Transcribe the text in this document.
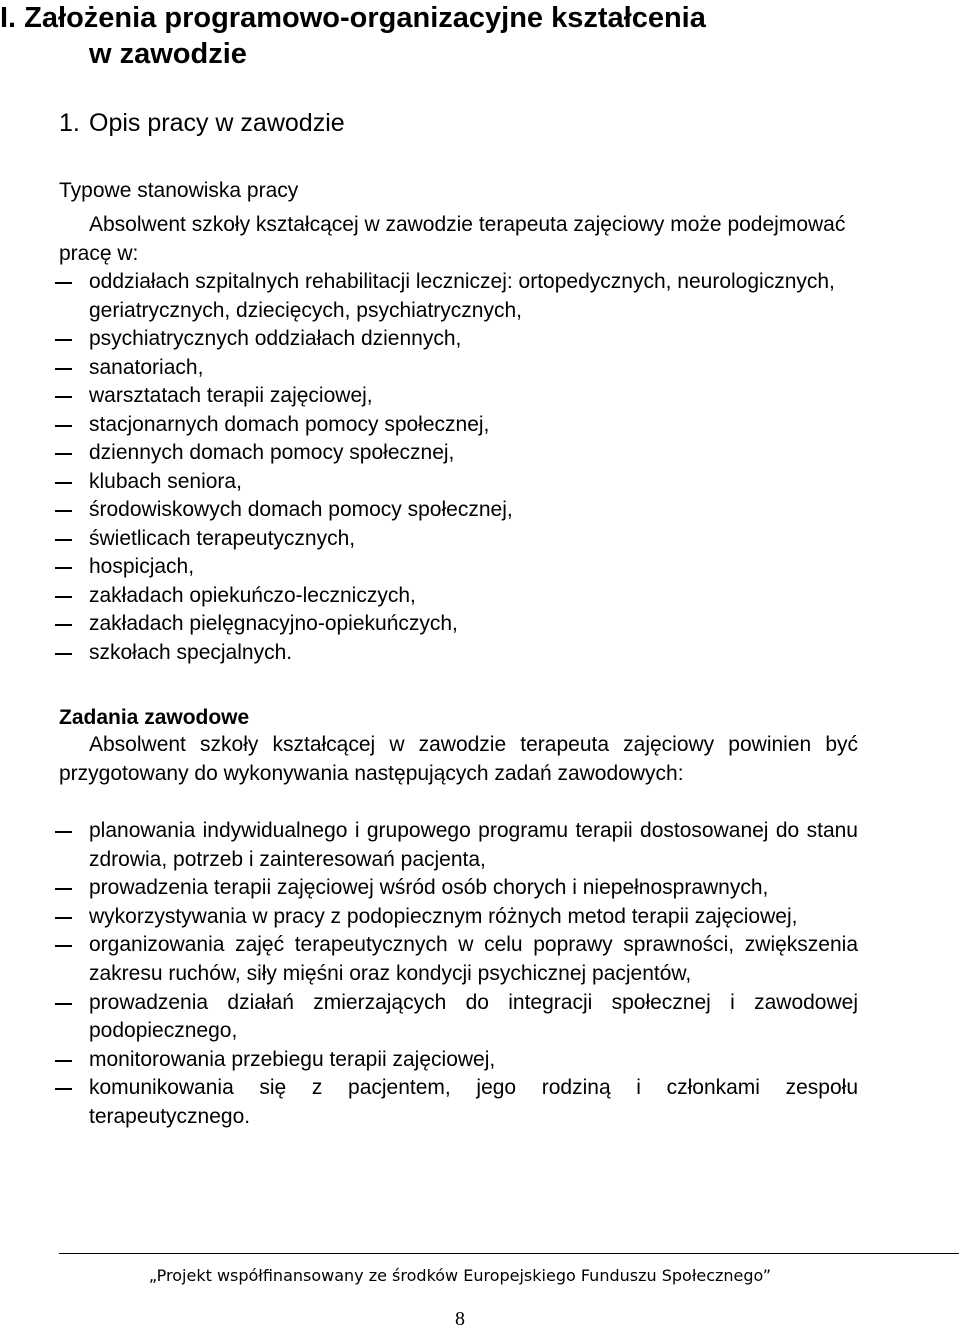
I. Założenia programowo-organizacyjne kształcenia
w zawodzie
1. Opis pracy w zawodzie
Typowe stanowiska pracy
Absolwent szkoły kształcącej w zawodzie terapeuta zajęciowy może podejmować pracę w:
oddziałach szpitalnych rehabilitacji leczniczej: ortopedycznych, neurologicznych, geriatrycznych, dziecięcych, psychiatrycznych,
psychiatrycznych oddziałach dziennych,
sanatoriach,
warsztatach terapii zajęciowej,
stacjonarnych domach pomocy społecznej,
dziennych domach pomocy społecznej,
klubach seniora,
środowiskowych domach pomocy społecznej,
świetlicach terapeutycznych,
hospicjach,
zakładach opiekuńczo-leczniczych,
zakładach pielęgnacyjno-opiekuńczych,
szkołach specjalnych.
Zadania zawodowe
Absolwent szkoły kształcącej w zawodzie terapeuta zajęciowy powinien być przygotowany do wykonywania następujących zadań zawodowych:
planowania indywidualnego i grupowego programu terapii dostosowanej do stanu zdrowia, potrzeb i zainteresowań pacjenta,
prowadzenia terapii zajęciowej wśród osób chorych i niepełnosprawnych,
wykorzystywania w pracy z podopiecznym różnych metod terapii zajęciowej,
organizowania zajęć terapeutycznych w celu poprawy sprawności, zwiększenia zakresu ruchów, siły mięśni oraz kondycji psychicznej pacjentów,
prowadzenia działań zmierzających do integracji społecznej i zawodowej podopiecznego,
monitorowania przebiegu terapii zajęciowej,
komunikowania się z pacjentem, jego rodziną i członkami zespołu terapeutycznego.
„Projekt współfinansowany ze środków Europejskiego Funduszu Społecznego”
8
